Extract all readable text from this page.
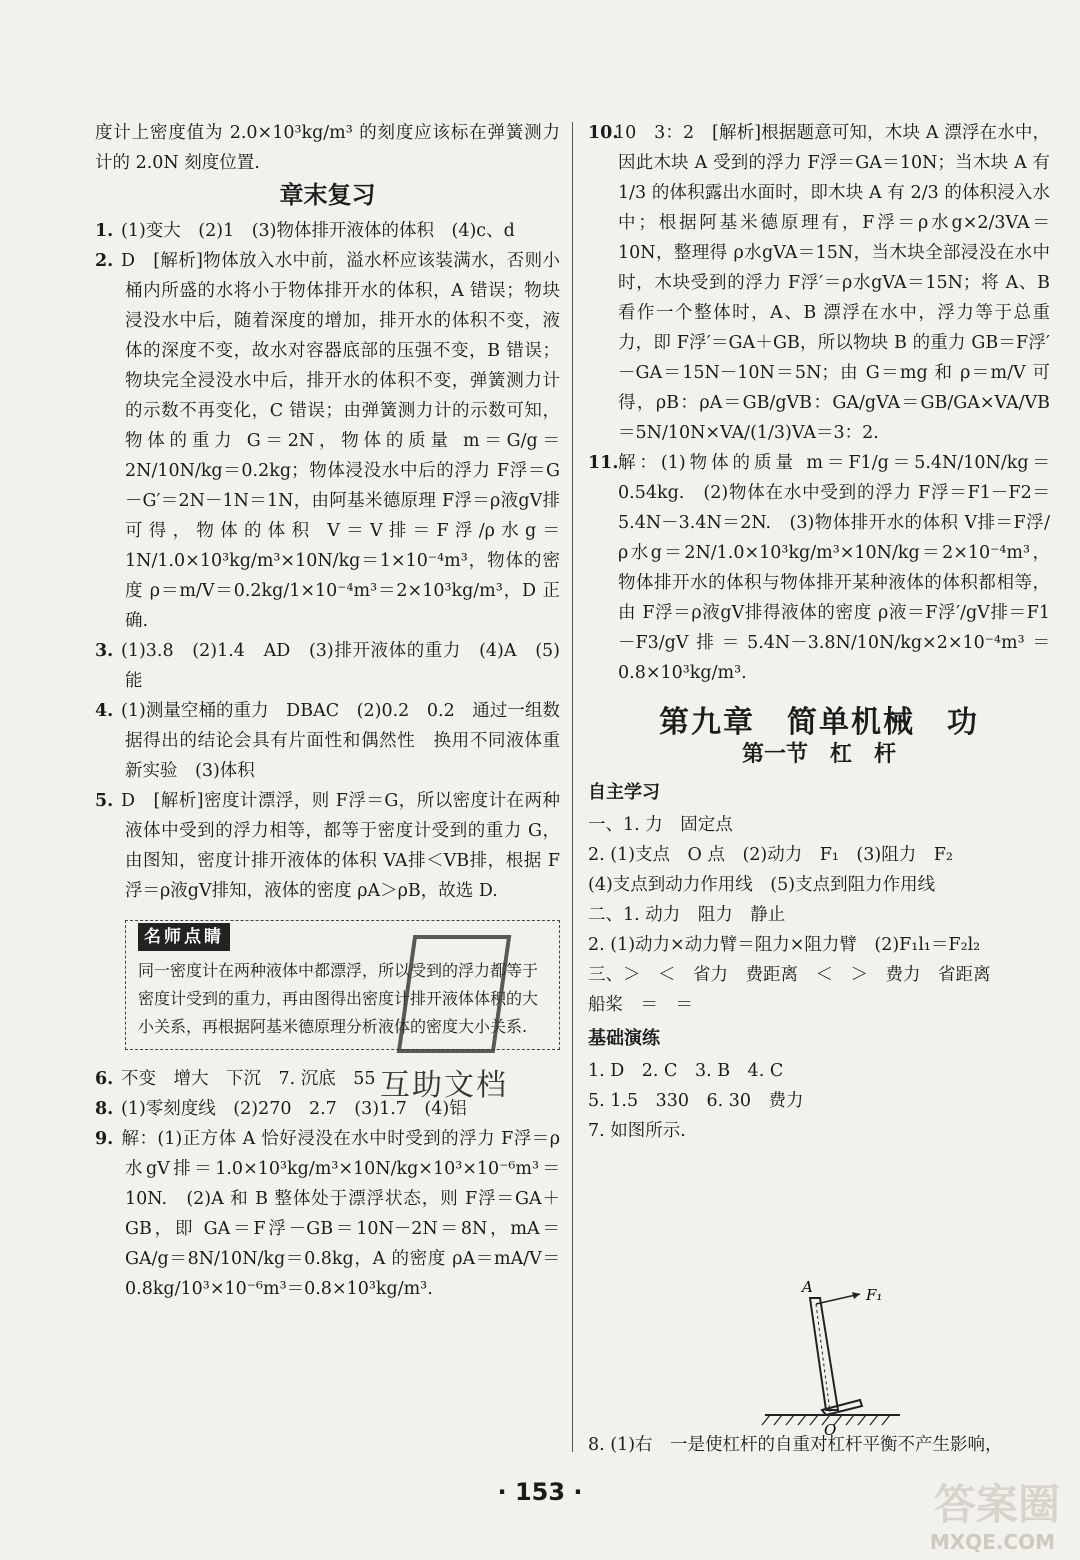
度计上密度值为 2.0×10³kg/m³ 的刻度应该标在弹簧测力计的 2.0N 刻度位置.

章末复习

1. (1)变大　(2)1　(3)物体排开液体的体积　(4)c、d

2. D　[解析]物体放入水中前，溢水杯应该装满水，否则小桶内所盛的水将小于物体排开水的体积，A 错误；物块浸没水中后，随着深度的增加，排开水的体积不变，液体的深度不变，故水对容器底部的压强不变，B 错误；物块完全浸没水中后，排开水的体积不变，弹簧测力计的示数不再变化，C 错误；由弹簧测力计的示数可知，物体的重力 G＝2N，物体的质量 m＝G/g＝2N/10N/kg＝0.2kg；物体浸没水中后的浮力 F浮＝G－G′＝2N－1N＝1N，由阿基米德原理 F浮＝ρ液gV排可得，物体的体积 V＝V排＝F浮/ρ水g＝1N/1.0×10³kg/m³×10N/kg＝1×10⁻⁴m³，物体的密度 ρ＝m/V＝0.2kg/1×10⁻⁴m³＝2×10³kg/m³，D 正确.

3. (1)3.8　(2)1.4　AD　(3)排开液体的重力　(4)A　(5)能

4. (1)测量空桶的重力　DBAC　(2)0.2　0.2　通过一组数据得出的结论会具有片面性和偶然性　换用不同液体重新实验　(3)体积

5. D　[解析]密度计漂浮，则 F浮＝G，所以密度计在两种液体中受到的浮力相等，都等于密度计受到的重力 G，由图知，密度计排开液体的体积 VA排＜VB排，根据 F浮＝ρ液gV排知，液体的密度 ρA＞ρB，故选 D.

名师点睛
同一密度计在两种液体中都漂浮，所以受到的浮力都等于密度计受到的重力，再由图得出密度计排开液体体积的大小关系，再根据阿基米德原理分析液体的密度大小关系.

6. 不变　增大　下沉　7. 沉底　55

8. (1)零刻度线　(2)270　2.7　(3)1.7　(4)铝

9. 解：(1)正方体 A 恰好浸没在水中时受到的浮力 F浮＝ρ水gV排＝1.0×10³kg/m³×10N/kg×10³×10⁻⁶m³＝10N.　(2)A 和 B 整体处于漂浮状态，则 F浮＝GA＋GB，即 GA＝F浮－GB＝10N－2N＝8N，mA＝GA/g＝8N/10N/kg＝0.8kg，A 的密度 ρA＝mA/V＝0.8kg/10³×10⁻⁶m³＝0.8×10³kg/m³.

10.10　3：2　[解析]根据题意可知，木块 A 漂浮在水中，因此木块 A 受到的浮力 F浮＝GA＝10N；当木块 A 有 1/3 的体积露出水面时，即木块 A 有 2/3 的体积浸入水中；根据阿基米德原理有，F浮＝ρ水g×2/3VA＝10N，整理得 ρ水gVA＝15N，当木块全部浸没在水中时，木块受到的浮力 F浮′＝ρ水gVA＝15N；将 A、B 看作一个整体时，A、B 漂浮在水中，浮力等于总重力，即 F浮′＝GA＋GB，所以物块 B 的重力 GB＝F浮′－GA＝15N－10N＝5N；由 G＝mg 和 ρ＝m/V 可得，ρB：ρA＝GB/gVB：GA/gVA＝GB/GA×VA/VB＝5N/10N×VA/(1/3)VA＝3：2.

11.解：(1)物体的质量 m＝F1/g＝5.4N/10N/kg＝0.54kg.　(2)物体在水中受到的浮力 F浮＝F1－F2＝5.4N－3.4N＝2N.　(3)物体排开水的体积 V排＝F浮/ρ水g＝2N/1.0×10³kg/m³×10N/kg＝2×10⁻⁴m³，物体排开水的体积与物体排开某种液体的体积都相等，由 F浮＝ρ液gV排得液体的密度 ρ液＝F浮′/gV排＝F1－F3/gV排＝5.4N－3.8N/10N/kg×2×10⁻⁴m³＝0.8×10³kg/m³.

第九章　简单机械　功
第一节　杠　杆
自主学习
一、1. 力　固定点
2. (1)支点　O 点　(2)动力　F₁　(3)阻力　F₂
(4)支点到动力作用线　(5)支点到阻力作用线
二、1. 动力　阻力　静止
2. (1)动力×动力臂＝阻力×阻力臂　(2)F₁l₁＝F₂l₂
三、＞　＜　省力　费距离　＜　＞　费力　省距离
船桨　＝　＝
基础演练
1. D　2. C　3. B　4. C
5. 1.5　330　6. 30　费力
7. 如图所示.
A	F₁
O
8. (1)右　一是使杠杆的自重对杠杆平衡不产生影响，
互助文档
答案圈
MXQE.COM
· 153 ·
